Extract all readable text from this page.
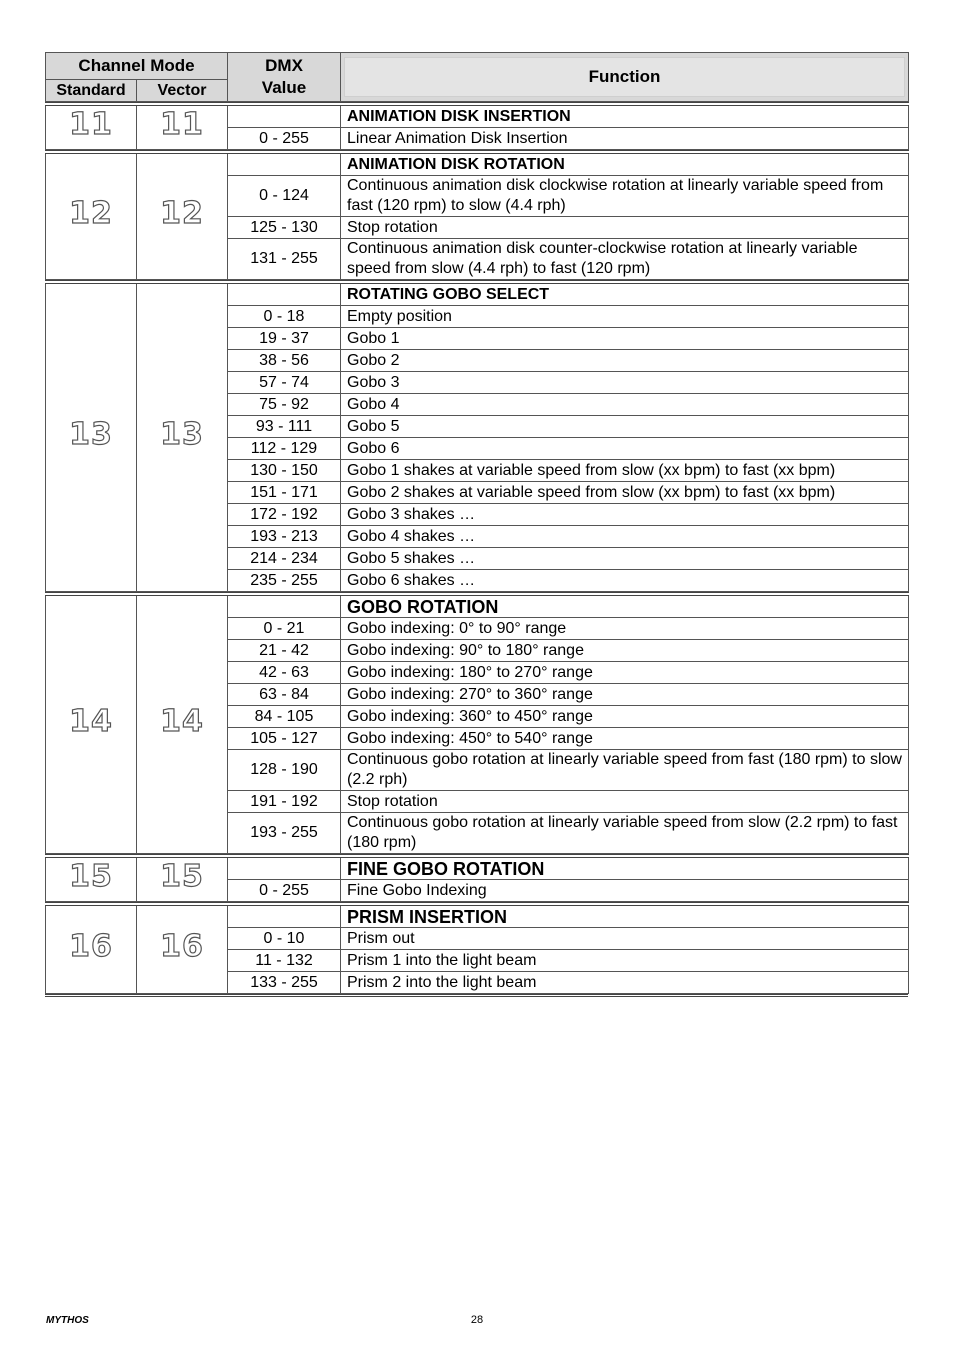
Channel Mode		DMX Value	Function

Standard	Vector		
11	11		ANIMATION DISK INSERTION
		0 - 255	Linear Animation Disk Insertion
12	12		ANIMATION DISK ROTATION
		0 - 124	Continuous animation disk clockwise rotation at linearly variable speed from fast (120 rpm) to slow (4.4 rph)
		125 - 130	Stop rotation
		131 - 255	Continuous animation disk counter-clockwise rotation at linearly variable speed from slow (4.4 rph) to fast (120 rpm)
13	13		ROTATING GOBO SELECT
		0 - 18	Empty position
		19 - 37	Gobo 1
		38 - 56	Gobo 2
		57 - 74	Gobo 3
		75 - 92	Gobo 4
		93 - 111	Gobo 5
		112 - 129	Gobo 6
		130 - 150	Gobo 1 shakes at variable speed from slow (xx bpm) to fast (xx bpm)
		151 - 171	Gobo 2 shakes at variable speed from slow (xx bpm) to fast (xx bpm)
		172 - 192	Gobo 3 shakes …
		193 - 213	Gobo 4 shakes …
		214 - 234	Gobo 5 shakes …
		235 - 255	Gobo 6 shakes …
14	14		GOBO ROTATION
		0 - 21	Gobo indexing: 0° to 90° range
		21 - 42	Gobo indexing: 90° to 180° range
		42 - 63	Gobo indexing: 180° to 270° range
		63 - 84	Gobo indexing: 270° to 360° range
		84 - 105	Gobo indexing: 360° to 450° range
		105 - 127	Gobo indexing: 450° to 540° range
		128 - 190	Continuous gobo rotation at linearly variable speed from fast (180 rpm) to slow (2.2 rph)
		191 - 192	Stop rotation
		193 - 255	Continuous gobo rotation at linearly variable speed from slow (2.2 rpm) to fast (180 rpm)
15	15		FINE GOBO ROTATION
		0 - 255	Fine Gobo Indexing
16	16		PRISM INSERTION
		0 - 10	Prism out
		11 - 132	Prism 1 into the light beam
		133 - 255	Prism 2 into the light beam
MYTHOS	28
